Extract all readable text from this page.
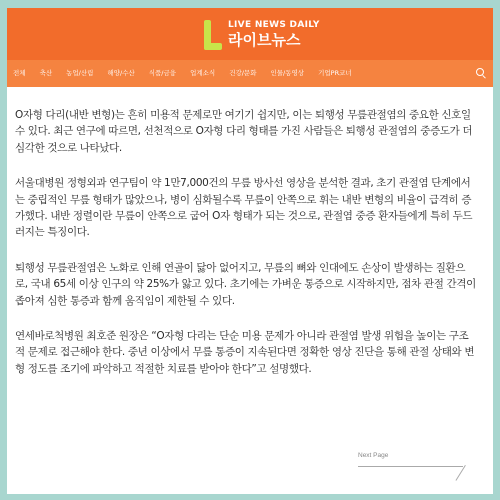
LIVE NEWS DAILY
라이브뉴스
전체	축산	농업/산림	해양/수산	식품/금융	업계소식	건강/문화	인물/동영상	기업PR코너

O자형 다리(내반 변형)는 흔히 미용적 문제로만 여기기 쉽지만, 이는 퇴행성 무릎관절염의 중요한 신호일 수 있다. 최근 연구에 따르면, 선천적으로 O자형 다리 형태를 가진 사람들은 퇴행성 관절염의 중증도가 더 심각한 것으로 나타났다.

서울대병원 정형외과 연구팀이 약 1만7,000건의 무릎 방사선 영상을 분석한 결과, 초기 관절염 단계에서는 중립적인 무릎 형태가 많았으나, 병이 심화될수록 무릎이 안쪽으로 휘는 내반 변형의 비율이 급격히 증가했다. 내반 정렬이란 무릎이 안쪽으로 굽어 O자 형태가 되는 것으로, 관절염 중증 환자들에게 특히 두드러지는 특징이다.

퇴행성 무릎관절염은 노화로 인해 연골이 닳아 없어지고, 무릎의 뼈와 인대에도 손상이 발생하는 질환으로, 국내 65세 이상 인구의 약 25%가 앓고 있다. 초기에는 가벼운 통증으로 시작하지만, 점차 관절 간격이 좁아져 심한 통증과 함께 움직임이 제한될 수 있다.

연세바로척병원 최호준 원장은 “O자형 다리는 단순 미용 문제가 아니라 관절염 발생 위험을 높이는 구조적 문제로 접근해야 한다. 중년 이상에서 무릎 통증이 지속된다면 정확한 영상 진단을 통해 관절 상태와 변형 정도를 조기에 파악하고 적절한 치료를 받아야 한다”고 설명했다.

Next Page
